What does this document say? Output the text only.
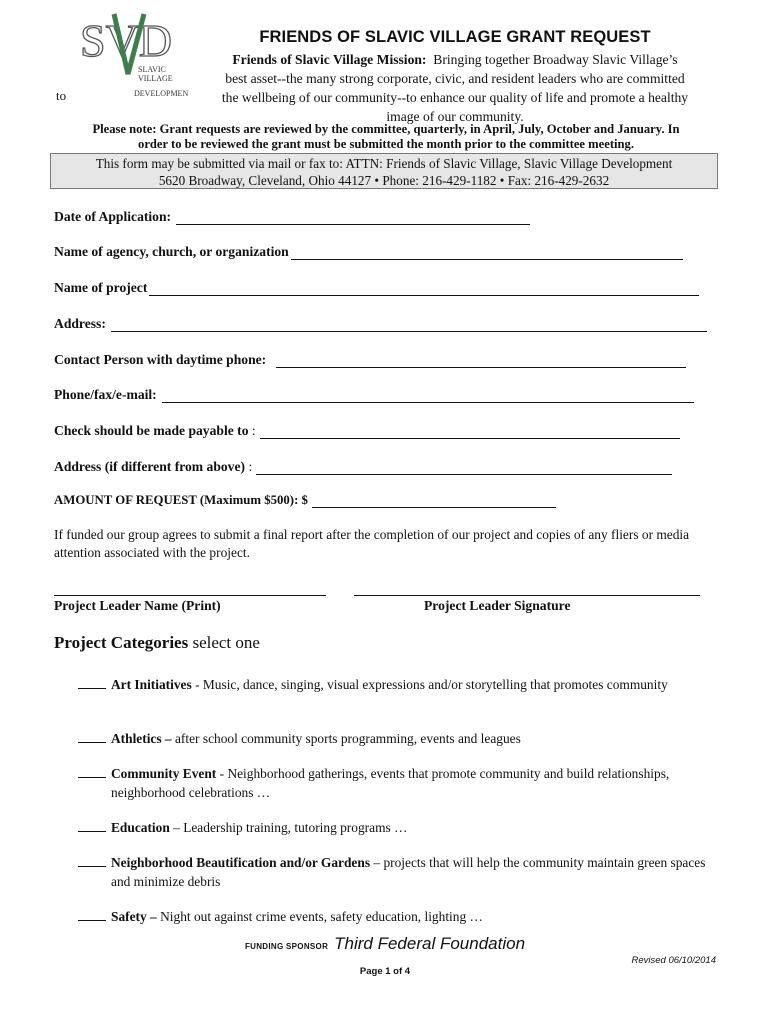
SVD
SLAVIC
VILLAGE
DEVELOPMENT
to
FRIENDS OF SLAVIC VILLAGE GRANT REQUEST
Friends of Slavic Village Mission: Bringing together Broadway Slavic Village’s
best asset--the many strong corporate, civic, and resident leaders who are committed
the wellbeing of our community--to enhance our quality of life and promote a healthy
image of our community.
Please note: Grant requests are reviewed by the committee, quarterly, in April, July, October and January. In
order to be reviewed the grant must be submitted the month prior to the committee meeting.
This form may be submitted via mail or fax to: ATTN: Friends of Slavic Village, Slavic Village Development
5620 Broadway, Cleveland, Ohio 44127 • Phone: 216-429-1182 • Fax: 216-429-2632
Date of Application:
Name of agency, church, or organization
Name of project
Address:
Contact Person with daytime phone:
Phone/fax/e-mail:
Check should be made payable to
:
Address (if different from above)
:
AMOUNT OF REQUEST (Maximum $500): $
If funded our group agrees to submit a final report after the completion of our project and copies of any fliers or media attention associated with the project.
Project Leader Name (Print)	Project Leader Signature
Project Categories select one
Art Initiatives - Music, dance, singing, visual expressions and/or storytelling that promotes community
Athletics – after school community sports programming, events and leagues
Community Event - Neighborhood gatherings, events that promote community and build relationships, neighborhood celebrations …
Education – Leadership training, tutoring programs …
Neighborhood Beautification and/or Gardens – projects that will help the community maintain green spaces and minimize debris
Safety – Night out against crime events, safety education, lighting …
FUNDING SPONSOR Third Federal Foundation
Revised 06/10/2014
Page 1 of 4
